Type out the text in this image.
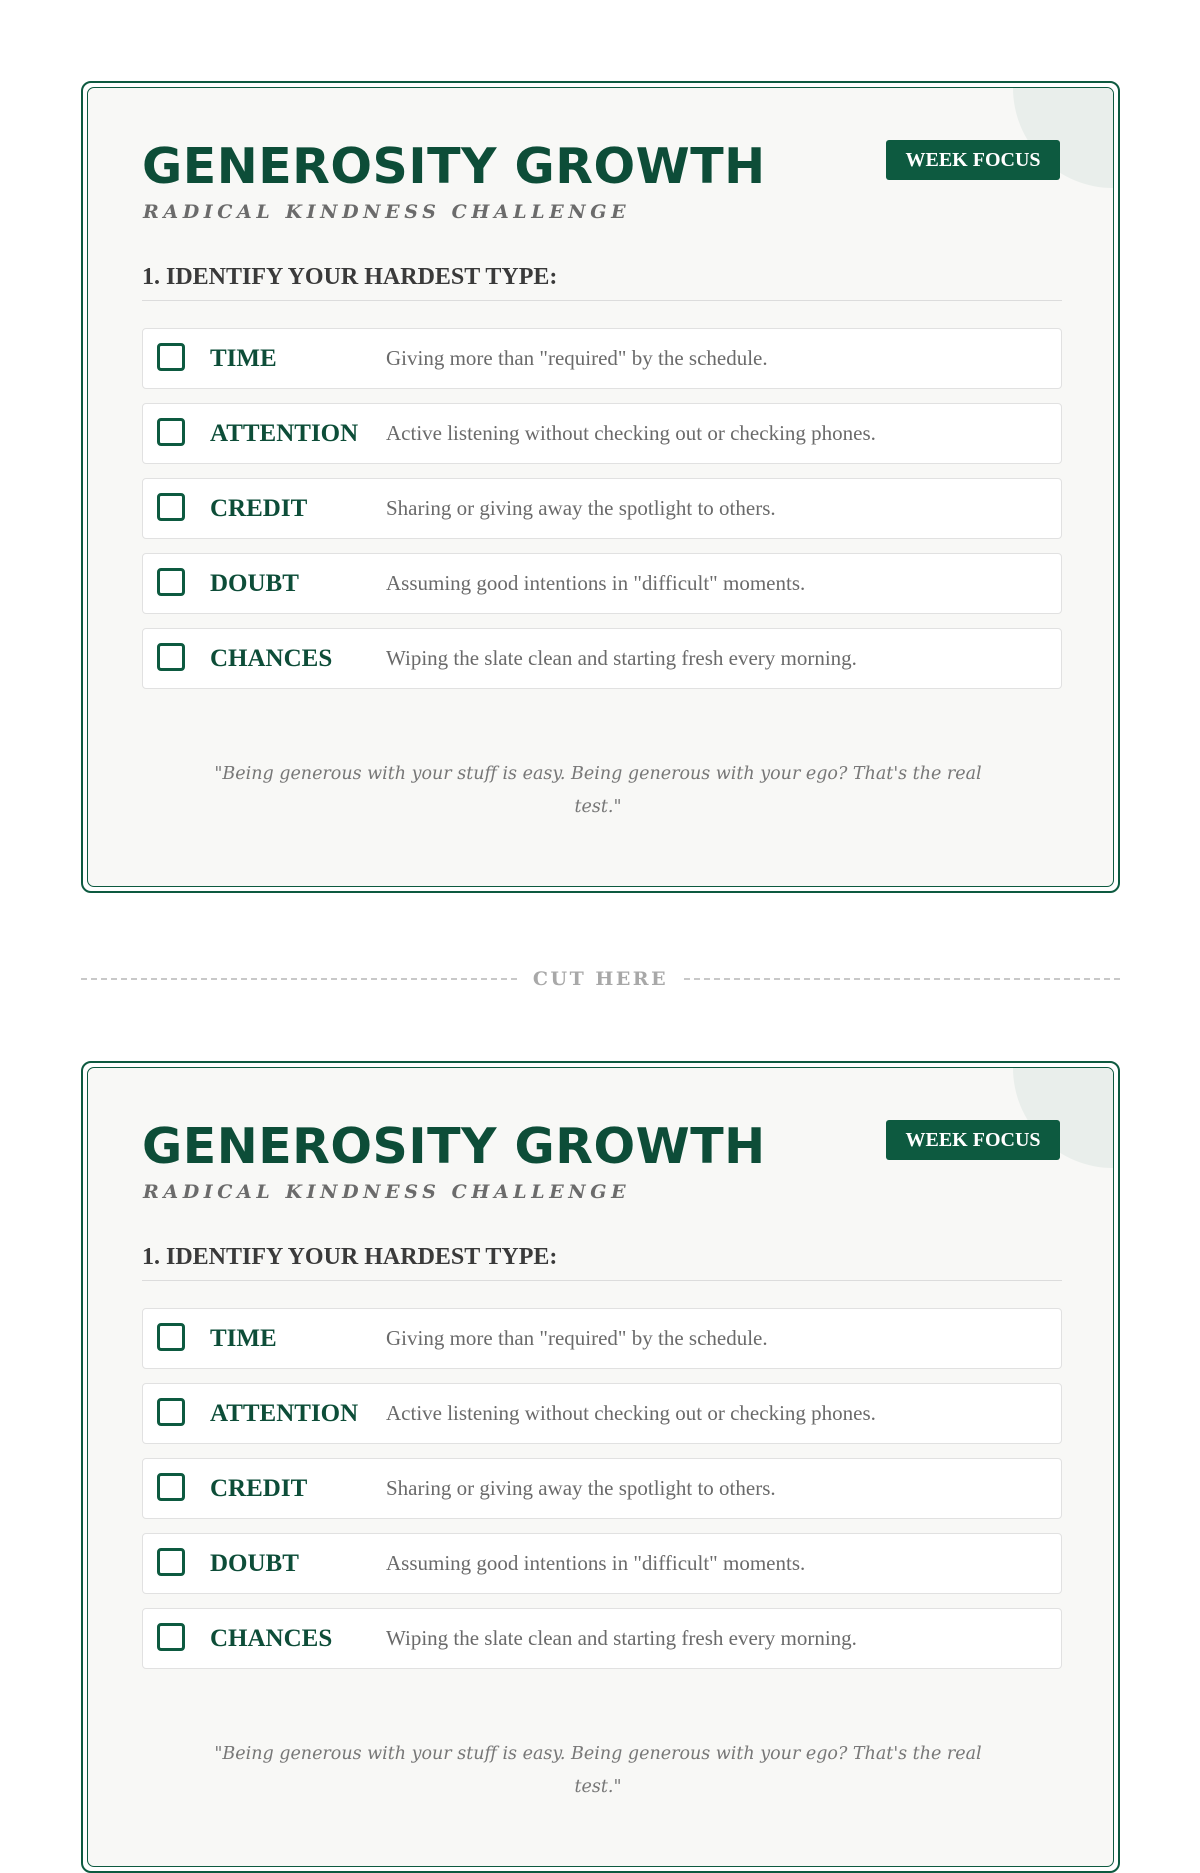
GENEROSITY GROWTH
RADICAL KINDNESS CHALLENGE
WEEK FOCUS
1. IDENTIFY YOUR HARDEST TYPE:
TIME	Giving more than "required" by the schedule.
ATTENTION Active listening without checking out or checking phones.
CREDIT	Sharing or giving away the spotlight to others.
DOUBT	Assuming good intentions in "difficult" moments.
CHANCES	Wiping the slate clean and starting fresh every morning.

"Being generous with your stuff is easy. Being generous with your ego? That's the real test."

CUT HERE
GENEROSITY GROWTH
RADICAL KINDNESS CHALLENGE
WEEK FOCUS
1. IDENTIFY YOUR HARDEST TYPE:
TIME	Giving more than "required" by the schedule.
ATTENTION Active listening without checking out or checking phones.
CREDIT	Sharing or giving away the spotlight to others.
DOUBT	Assuming good intentions in "difficult" moments.
CHANCES	Wiping the slate clean and starting fresh every morning.

"Being generous with your stuff is easy. Being generous with your ego? That's the real test."
